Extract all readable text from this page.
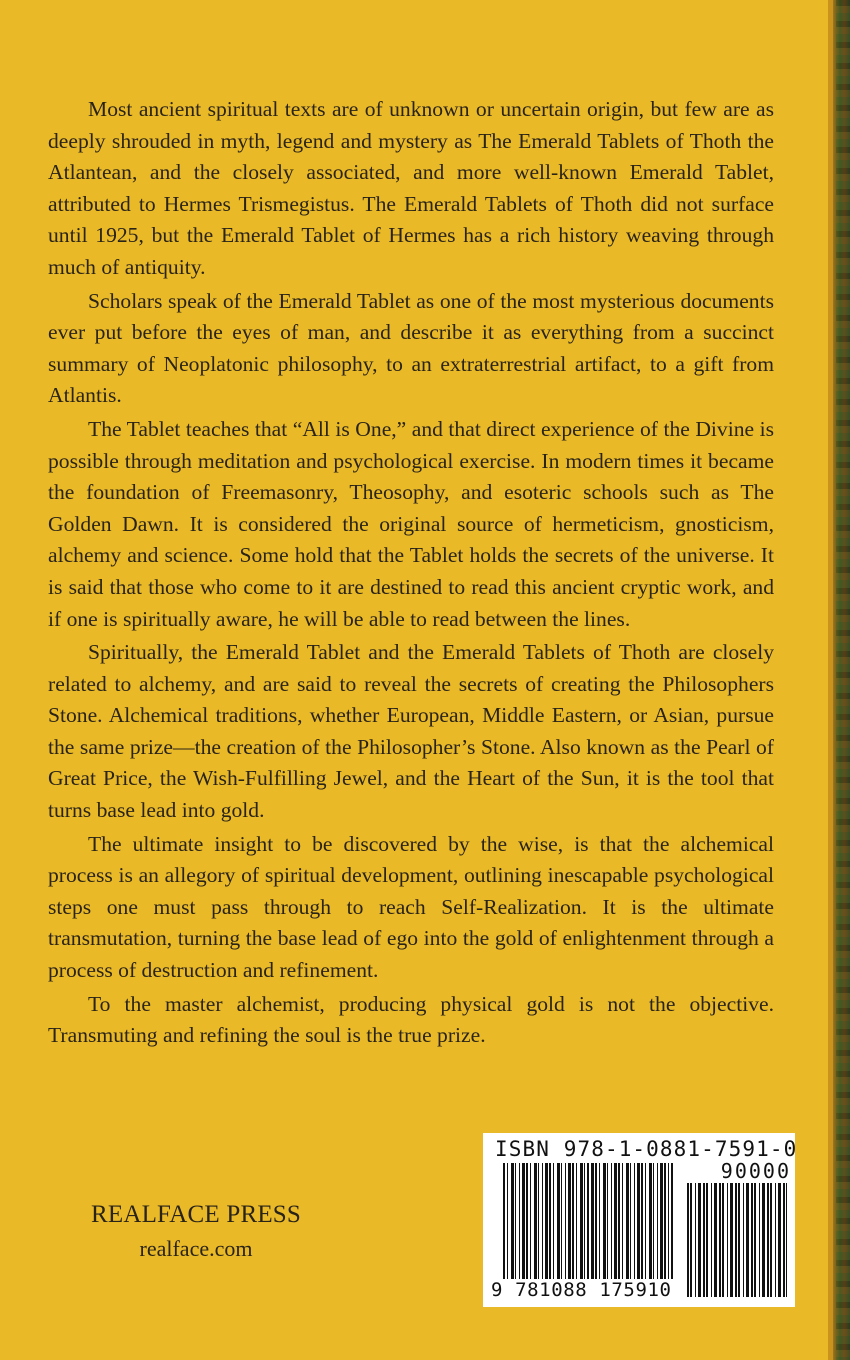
Most ancient spiritual texts are of unknown or uncertain origin, but few are as deeply shrouded in myth, legend and mystery as The Emerald Tablets of Thoth the Atlantean, and the closely associated, and more well-known Emerald Tablet, attributed to Hermes Trismegistus. The Emerald Tablets of Thoth did not surface until 1925, but the Emerald Tablet of Hermes has a rich history weaving through much of antiquity.

Scholars speak of the Emerald Tablet as one of the most mysterious documents ever put before the eyes of man, and describe it as everything from a succinct summary of Neoplatonic philosophy, to an extraterrestrial artifact, to a gift from Atlantis.

The Tablet teaches that “All is One,” and that direct experience of the Divine is possible through meditation and psychological exercise. In modern times it became the foundation of Freemasonry, Theosophy, and esoteric schools such as The Golden Dawn. It is considered the original source of hermeticism, gnosticism, alchemy and science. Some hold that the Tablet holds the secrets of the universe. It is said that those who come to it are destined to read this ancient cryptic work, and if one is spiritually aware, he will be able to read between the lines.

Spiritually, the Emerald Tablet and the Emerald Tablets of Thoth are closely related to alchemy, and are said to reveal the secrets of creating the Philosophers Stone. Alchemical traditions, whether European, Middle Eastern, or Asian, pursue the same prize—the creation of the Philosopher’s Stone. Also known as the Pearl of Great Price, the Wish-Fulfilling Jewel, and the Heart of the Sun, it is the tool that turns base lead into gold.

The ultimate insight to be discovered by the wise, is that the alchemical process is an allegory of spiritual development, outlining inescapable psychological steps one must pass through to reach Self-Realization. It is the ultimate transmutation, turning the base lead of ego into the gold of enlightenment through a process of destruction and refinement.

To the master alchemist, producing physical gold is not the objective. Transmuting and refining the soul is the true prize.

REALFACE PRESS
realface.com
ISBN 978-1-0881-7591-0
90000
9 781088 175910
